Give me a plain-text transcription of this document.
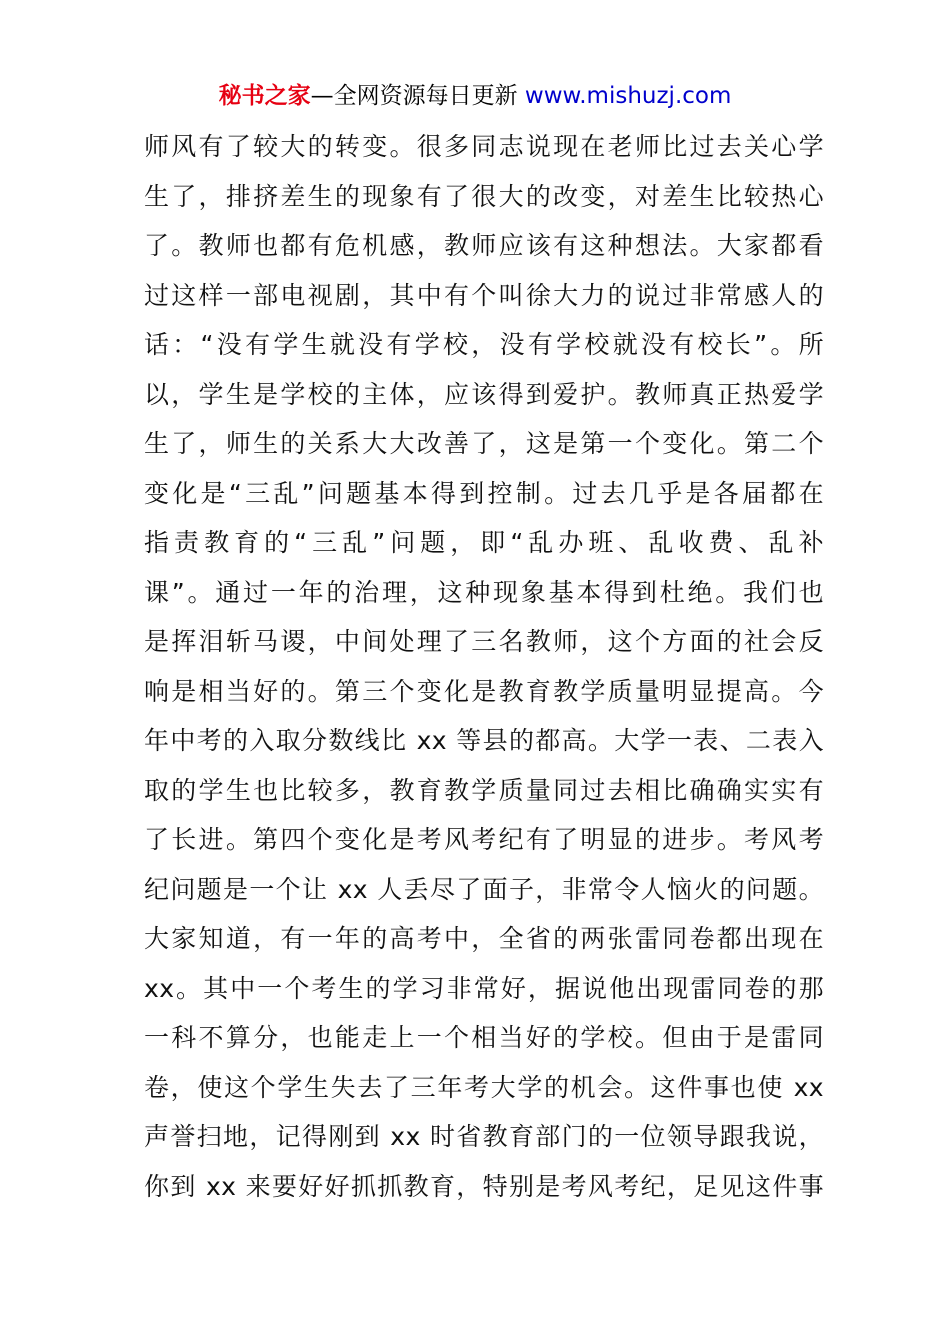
秘书之家—全网资源每日更新 www.mishuzj.com
师风有了较大的转变。很多同志说现在老师比过去关心学
生了，排挤差生的现象有了很大的改变，对差生比较热心
了。教师也都有危机感，教师应该有这种想法。大家都看
过这样一部电视剧，其中有个叫徐大力的说过非常感人的
话：“没有学生就没有学校，没有学校就没有校长”。所
以，学生是学校的主体，应该得到爱护。教师真正热爱学
生了，师生的关系大大改善了，这是第一个变化。第二个
变化是“三乱”问题基本得到控制。过去几乎是各届都在
指责教育的“三乱”问题，即“乱办班、乱收费、乱补
课”。通过一年的治理，这种现象基本得到杜绝。我们也
是挥泪斩马谡，中间处理了三名教师，这个方面的社会反
响是相当好的。第三个变化是教育教学质量明显提高。今
年中考的入取分数线比 xx 等县的都高。大学一表、二表入
取的学生也比较多，教育教学质量同过去相比确确实实有
了长进。第四个变化是考风考纪有了明显的进步。考风考
纪问题是一个让 xx 人丢尽了面子，非常令人恼火的问题。
大家知道，有一年的高考中，全省的两张雷同卷都出现在
xx。其中一个考生的学习非常好，据说他出现雷同卷的那
一科不算分，也能走上一个相当好的学校。但由于是雷同
卷，使这个学生失去了三年考大学的机会。这件事也使 xx
声誉扫地，记得刚到 xx 时省教育部门的一位领导跟我说，
你到 xx 来要好好抓抓教育，特别是考风考纪，足见这件事
